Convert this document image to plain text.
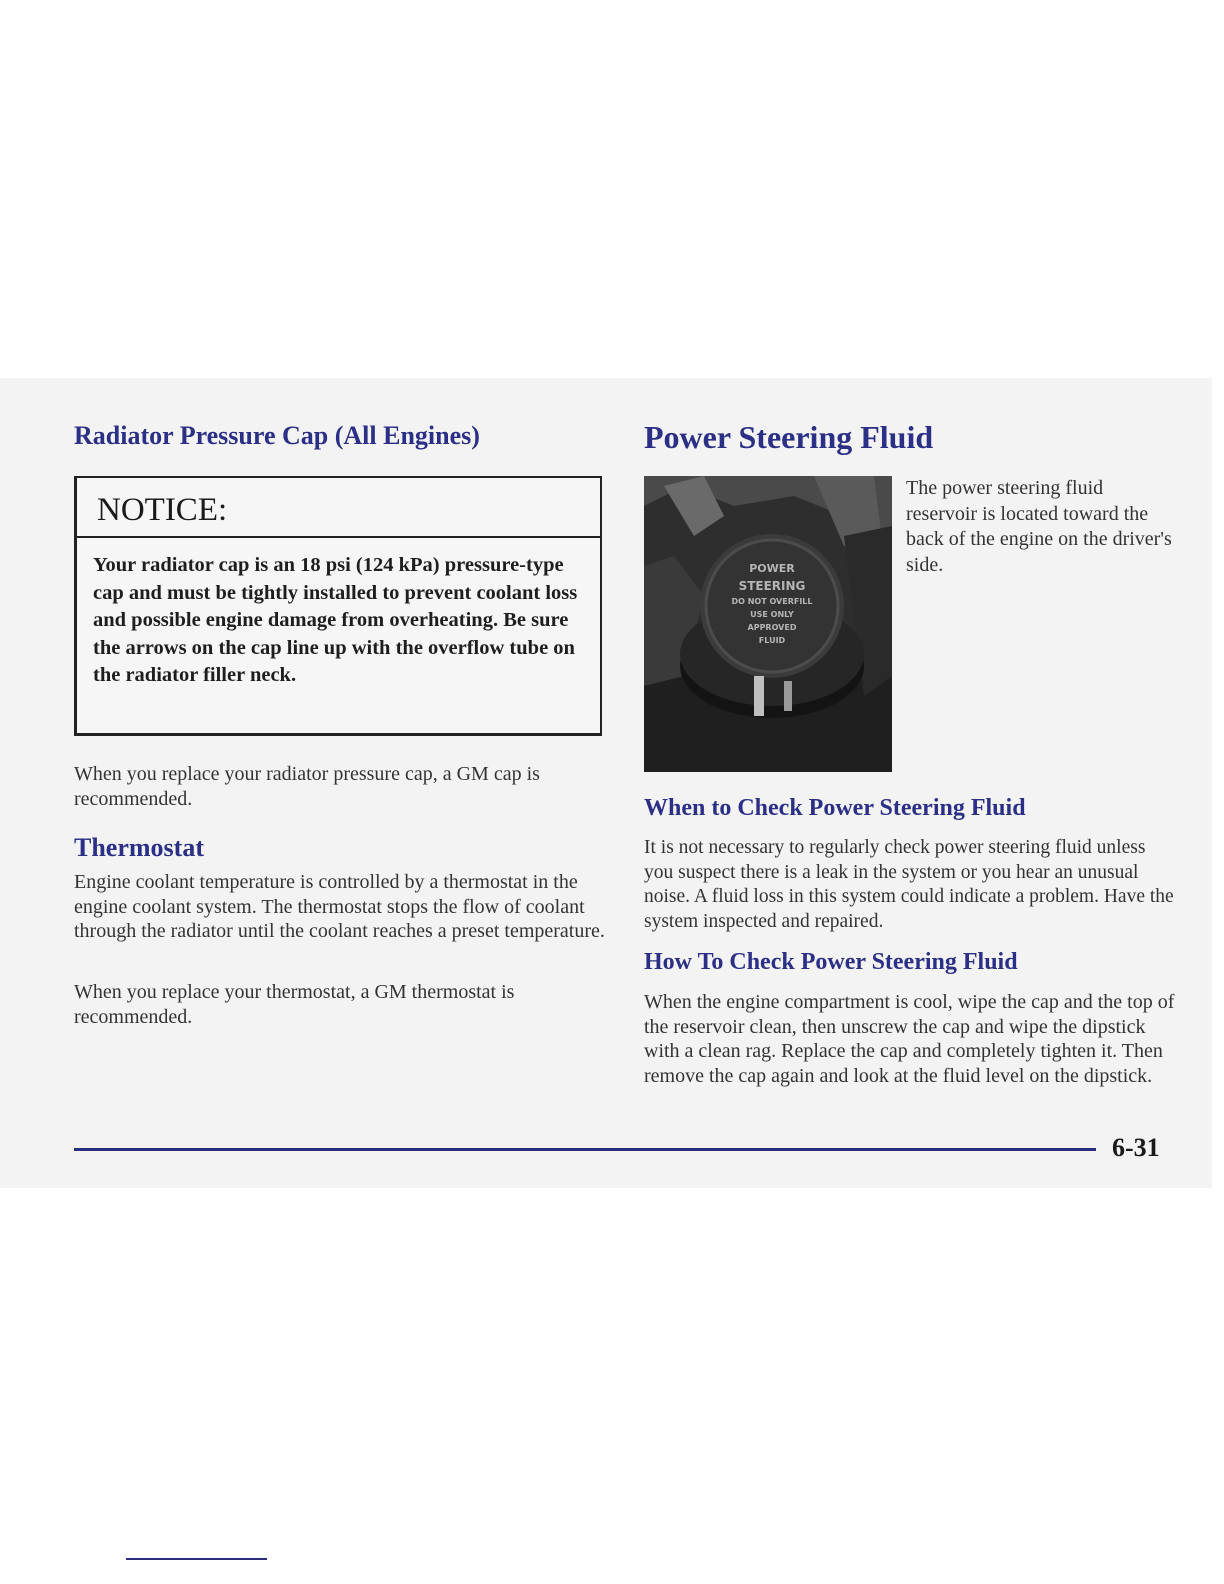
Radiator Pressure Cap (All Engines)
NOTICE:
Your radiator cap is an 18 psi (124 kPa) pressure-type cap and must be tightly installed to prevent coolant loss and possible engine damage from overheating. Be sure the arrows on the cap line up with the overflow tube on the radiator filler neck.

When you replace your radiator pressure cap, a GM cap is recommended.

Thermostat

Engine coolant temperature is controlled by a thermostat in the engine coolant system. The thermostat stops the flow of coolant through the radiator until the coolant reaches a preset temperature.

When you replace your thermostat, a GM thermostat is recommended.

Power Steering Fluid
POWER
STEERING
DO NOT OVERFILL
USE ONLY
APPROVED
FLUID

The power steering fluid reservoir is located toward the back of the engine on the driver's side.

When to Check Power Steering Fluid

It is not necessary to regularly check power steering fluid unless you suspect there is a leak in the system or you hear an unusual noise. A fluid loss in this system could indicate a problem. Have the system inspected and repaired.

How To Check Power Steering Fluid

When the engine compartment is cool, wipe the cap and the top of the reservoir clean, then unscrew the cap and wipe the dipstick with a clean rag. Replace the cap and completely tighten it. Then remove the cap again and look at the fluid level on the dipstick.

6-31
